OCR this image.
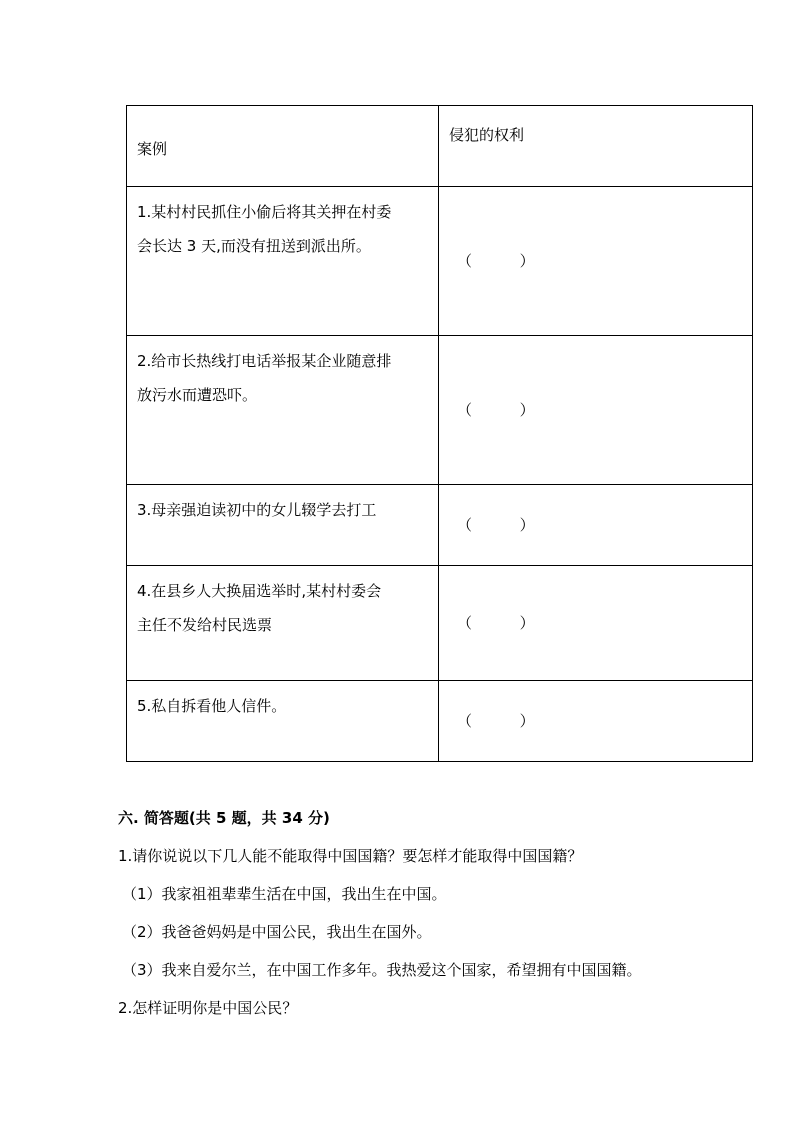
案例	侵犯的权利

1.某村村民抓住小偷后将其关押在村委
会长达 3 天,而没有扭送到派出所。	（          ）

2.给市长热线打电话举报某企业随意排
放污水而遭恐吓。	（          ）

3.母亲强迫读初中的女儿辍学去打工	（          ）

4.在县乡人大换届选举时,某村村委会
主任不发给村民选票	（          ）

5.私自拆看他人信件。	（          ）
六. 简答题(共 5 题，共 34 分)
1.请你说说以下几人能不能取得中国国籍？要怎样才能取得中国国籍？
（1）我家祖祖辈辈生活在中国，我出生在中国。
（2）我爸爸妈妈是中国公民，我出生在国外。
（3）我来自爱尔兰，在中国工作多年。我热爱这个国家，希望拥有中国国籍。
2.怎样证明你是中国公民？
